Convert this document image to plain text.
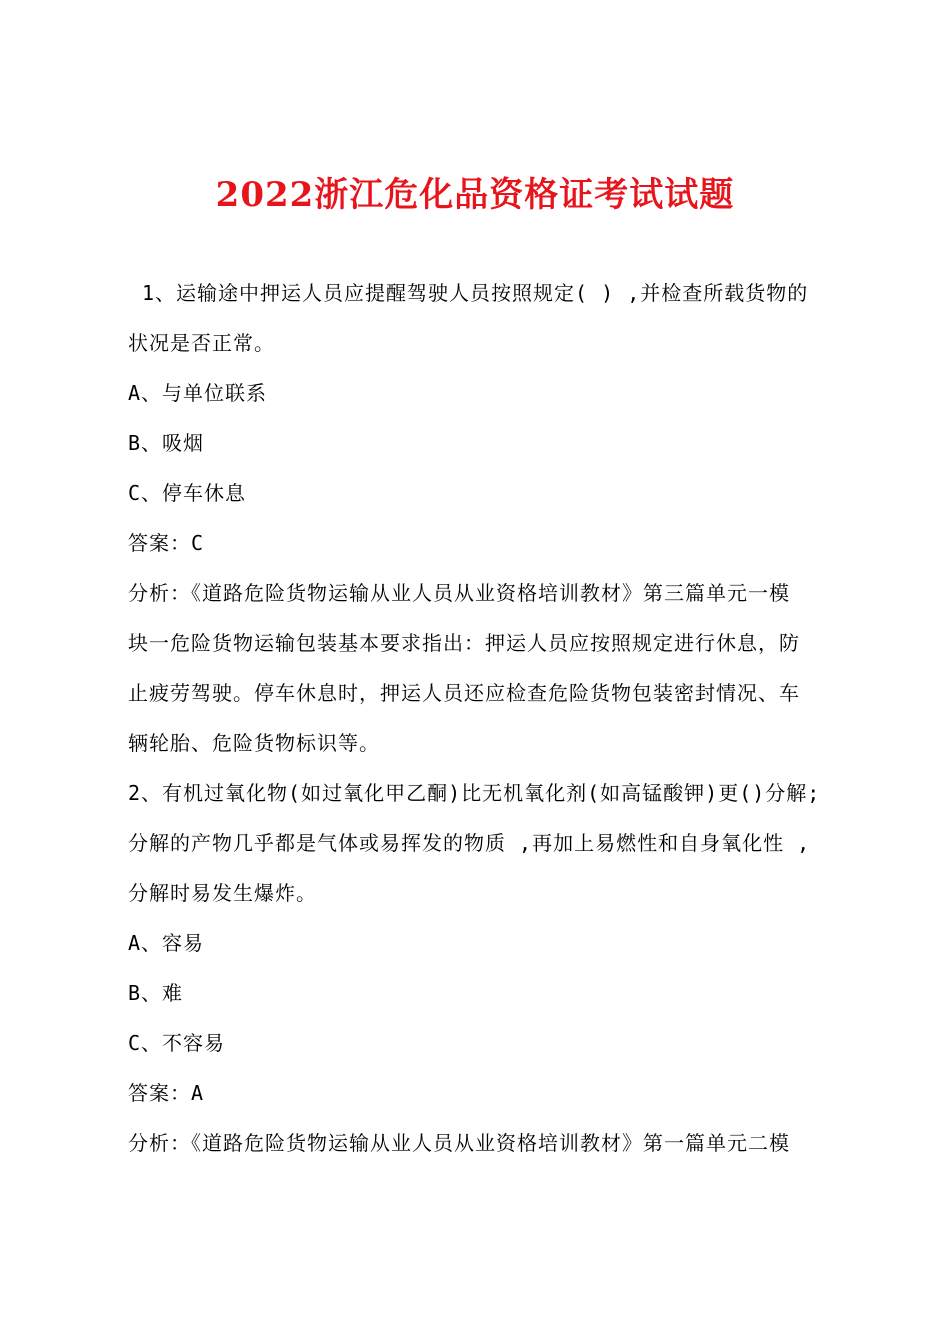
2022浙江危化品资格证考试试题

1、运输途中押运人员应提醒驾驶人员按照规定( ) ,并检查所载货物的

状况是否正常。

A、与单位联系

B、吸烟

C、停车休息

答案：C

分析：《道路危险货物运输从业人员从业资格培训教材》第三篇单元一模

块一危险货物运输包装基本要求指出：押运人员应按照规定进行休息，防

止疲劳驾驶。停车休息时，押运人员还应检查危险货物包装密封情况、车

辆轮胎、危险货物标识等。

2、有机过氧化物(如过氧化甲乙酮)比无机氧化剂(如高锰酸钾)更()分解;

分解的产物几乎都是气体或易挥发的物质 ,再加上易燃性和自身氧化性 ,

分解时易发生爆炸。

A、容易

B、难

C、不容易

答案：A

分析：《道路危险货物运输从业人员从业资格培训教材》第一篇单元二模
